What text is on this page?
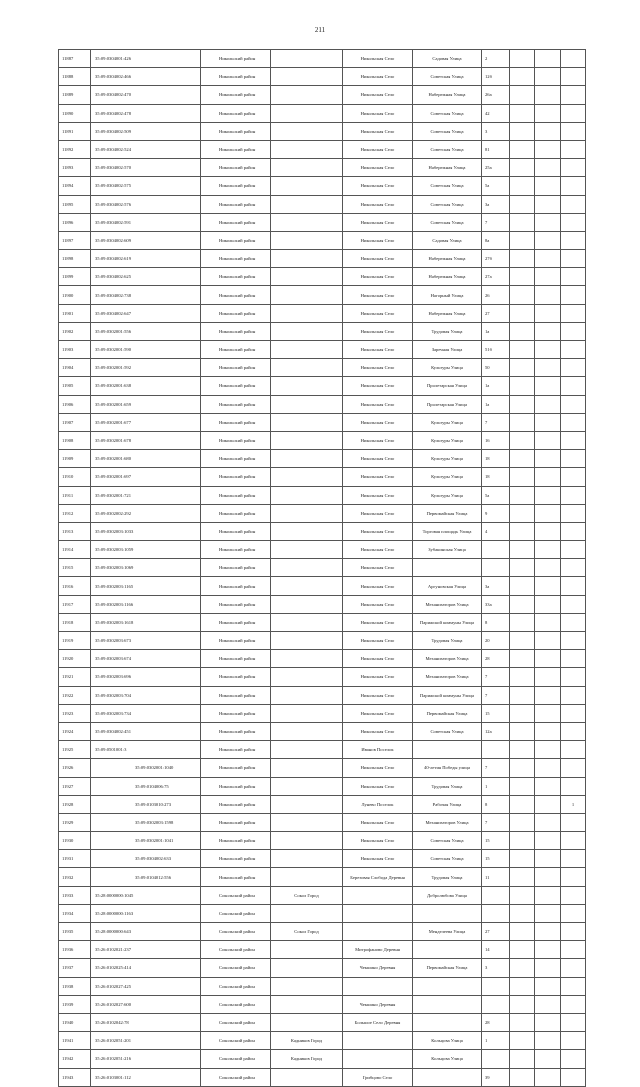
211
11887	35:09:0304001:426	Никольский район		Никольская Село	Садовая Улица	2			
11888	35:09:0304002:466	Никольский район		Никольская Село	Советская Улица	12б			
11889	35:09:0304002:470	Никольский район		Никольская Село	Набережная Улица	26а			
11890	35:09:0304002:478	Никольский район		Никольская Село	Советская Улица	42			
11891	35:09:0304002:509	Никольский район		Никольская Село	Советская Улица	3			
11892	35:09:0304002:524	Никольский район		Никольская Село	Советская Улица	81			
11893	35:09:0304002:570	Никольский район		Никольская Село	Набережная Улица	25а			
11894	35:09:0304002:575	Никольский район		Никольская Село	Советская Улица	5а			
11895	35:09:0304002:576	Никольский район		Никольская Село	Советская Улица	3а			
11896	35:09:0304002:591	Никольский район		Никольская Село	Советская Улица	7			
11897	35:09:0304002:609	Никольский район		Никольская Село	Садовая Улица	8а			
11898	35:09:0304002:619	Никольский район		Никольская Село	Набережная Улица	27б			
11899	35:09:0304002:625	Никольский район		Никольская Село	Набережная Улица	27а			
11900	35:09:0304002:738	Никольский район		Никольская Село	Нагорный Улица	26			
11901	35:09:0304002:647	Никольский район		Никольская Село	Набережная Улица	27			
11902	35:09:0302001:556	Никольский район		Никольская Село	Трудовая Улица	1а			
11903	35:09:0302001:590	Никольский район		Никольская Село	Заречная Улица	51б			
11904	35:09:0302001:592	Никольский район		Никольская Село	Культуры Улица	50			
11905	35:09:0302001:638	Никольский район		Никольская Село	Пролетарская Улица	1а			
11906	35:09:0302001:659	Никольский район		Никольская Село	Пролетарская Улица	1а			
11907	35:09:0302001:677	Никольский район		Никольская Село	Культуры Улица	7			
11908	35:09:0302001:678	Никольский район		Никольская Село	Культуры Улица	16			
11909	35:09:0302001:680	Никольский район		Никольская Село	Культуры Улица	18			
11910	35:09:0302001:697	Никольский район		Никольская Село	Культуры Улица	18			
11911	35:09:0302001:721	Никольский район		Никольская Село	Культуры Улица	5а			
11912	35:09:0302002:292	Никольский район		Никольская Село	Первомайская Улица	9			
11913	35:09:0302003:1033	Никольский район		Никольская Село	Торговая площадь Улица	4			
11914	35:09:0302003:1059	Никольский район		Никольская Село	Зубакинская Улица				
11915	35:09:0302003:1069	Никольский район		Никольская Село					
11916	35:09:0302003:1165	Никольский район		Никольская Село	Аргуновская Улица	3а			
11917	35:09:0302003:1166	Никольский район		Никольская Село	Механизаторов Улица	33а			
11918	35:09:0302003:1618	Никольский район		Никольская Село	Парижской коммуны Улица	8			
11919	35:09:0302003:673	Никольский район		Никольская Село	Трудовая Улица	20			
11920	35:09:0302003:674	Никольский район		Никольская Село	Механизаторов Улица	28			
11921	35:09:0302003:696	Никольский район		Никольская Село	Механизаторов Улица	7			
11922	35:09:0302003:704	Никольский район		Никольская Село	Парижской коммуны Улица	7			
11923	35:09:0302003:734	Никольский район		Никольская Село	Первомайская Улица	15			
11924	35:09:0304002:451	Никольский район		Никольская Село	Советская Улица	12а			
11925	35:09:0501001:3	Никольский район		Иванов Поселок					
11926	35:09:0302001:1040	Никольский район		Никольская Село	40-летия Победы улица	7			
11927	35:09:0104006:75	Никольский район		Никольская Село	Трудовая Улица	1			
11928	35:09:0103010:273	Никольский район		Лунево Поселок	Рабочая Улица	8			1
11929	35:09:0302003:1598	Никольский район		Никольская Село	Механизаторов Улица	7			
11930	35:09:0302001:1041	Никольский район		Никольская Село	Советская Улица	15			
11931	35:09:0304002:633	Никольский район		Никольская Село	Советская Улица	15			
11932	35:09:0104012:556	Никольский район		Березовая Слобода Деревня	Трудовая Улица	11			
11933	35:28:0000000:1045	Сокольский район	Сокол Город		Добролюбова Улица				
11934	35:28:0000000:1163	Сокольский район							
11935	35:28:0000000:643	Сокольский район	Сокол Город		Менделеева Улица	27			
11936	35:26:0102021:237	Сокольский район		Митрофаново Деревня		14			
11937	35:26:0102025:414	Сокольский район		Чекшино Деревня	Первомайская Улица	3			
11938	35:26:0102027:425	Сокольский район							
11939	35:26:0102027:600	Сокольский район		Чекшино Деревня					
11940	35:26:0102042:78	Сокольский район		Большое Село Деревня		28			
11941	35:26:0102051:201	Сокольский район	Кадников Город		Кольцова Улица	1			
11942	35:26:0102051:216	Сокольский район	Кадников Город		Кольцова Улица				
11943	35:26:0103001:112	Сокольский район		Грибцово Село		39			
